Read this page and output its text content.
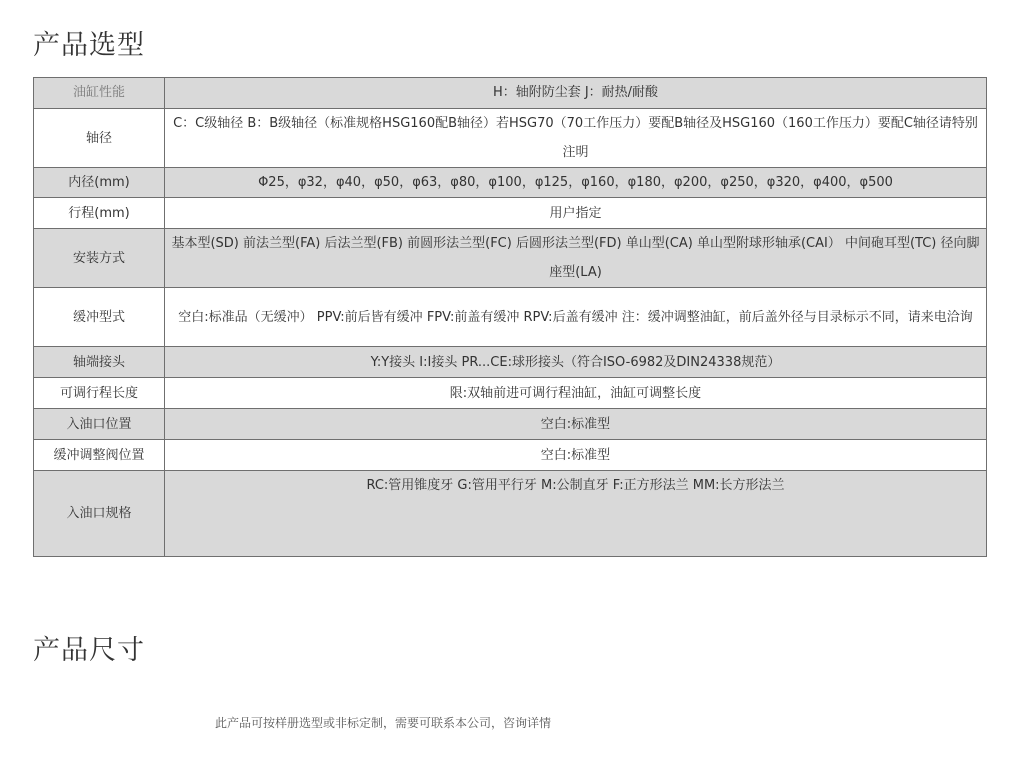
产品选型
油缸性能	H：轴附防尘套 J：耐热/耐酸
轴径	C：C级轴径 B：B级轴径（标准规格HSG160配B轴径）若HSG70（70工作压力）要配B轴径及HSG160（160工作压力）要配C轴径请特别注明
内径(mm)	Φ25，φ32，φ40，φ50，φ63，φ80，φ100，φ125，φ160，φ180，φ200，φ250，φ320，φ400，φ500
行程(mm)	用户指定
安装方式	基本型(SD) 前法兰型(FA) 后法兰型(FB) 前圆形法兰型(FC) 后圆形法兰型(FD) 单山型(CA) 单山型附球形轴承(CAI） 中间砲耳型(TC) 径向脚座型(LA)
缓冲型式	空白:标准品（无缓冲） PPV:前后皆有缓冲 FPV:前盖有缓冲 RPV:后盖有缓冲 注：缓冲调整油缸，前后盖外径与目录标示不同，请来电洽询
轴端接头	Y:Y接头 I:I接头 PR...CE:球形接头（符合ISO-6982及DIN24338规范）
可调行程长度	限:双轴前进可调行程油缸，油缸可调整长度
入油口位置	空白:标准型
缓冲调整阀位置	空白:标准型
入油口规格	RC:管用锥度牙 G:管用平行牙 M:公制直牙 F:正方形法兰 MM:长方形法兰
产品尺寸
此产品可按样册选型或非标定制，需要可联系本公司，咨询详情
